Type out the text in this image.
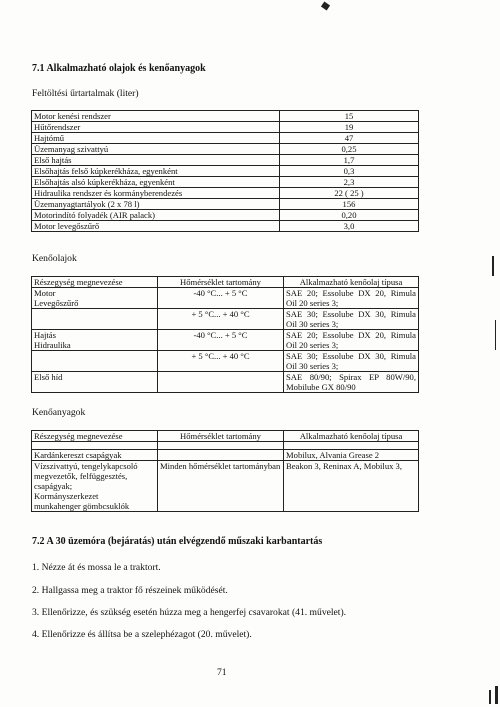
7.1 Alkalmazható olajok és kenőanyagok
Feltöltési űrtartalmak (liter)
Motor kenési rendszer	15
Hűtőrendszer	19
Hajtómű	47
Üzemanyag szivattyú	0,25
Első hajtás	1,7
Elsőhajtás felső kúpkerékháza, egyenként	0,3
Elsőhajtás alsó kúpkerékháza, egyenként	2,3
Hidraulika rendszer és kormányberendezés	22 ( 25 )
Üzemanyagtartályok (2 x 78 l)	156
Motorindító folyadék (AIR palack)	0,20
Motor levegőszűrő	3,0
Kenőolajok
Részegység megnevezése	Hőmérséklet tartomány	Alkalmazható kenőolaj típusa
Motor
Levegőszűrő	-40 °C... + 5 °C	SAE 20; Essolube DX 20, Rimula Oil 20 series 3;
	+ 5 °C... + 40 °C	SAE 30; Essolube DX 30, Rimula Oil 30 series 3;
Hajtás
Hidraulika	-40 °C... + 5 °C	SAE 20; Essolube DX 20, Rimula Oil 20 series 3;
	+ 5 °C... + 40 °C	SAE 30; Essolube DX 30, Rimula Oil 30 series 3;
Első híd		SAE 80/90; Spirax EP 80W/90, Mobilube GX 80/90
Kenőanyagok
Részegység megnevezése	Hőmérséklet tartomány	Alkalmazható kenőolaj típusa

Kardánkereszt csapágyak		Mobilux, Alvania Grease 2
Vízszivattyú, tengelykapcsoló megvezetők, felfüggesztés, csapágyak;
Kormányszerkezet
munkahenger gömbcsuklók	Minden hőmérséklet tartományban	Beakon 3, Reninax A, Mobilux 3,
7.2 A 30 üzemóra (bejáratás) után elvégzendő műszaki karbantartás
1. Nézze át és mossa le a traktort.
2. Hallgassa meg a traktor fő részeinek működését.
3. Ellenőrizze, és szükség esetén húzza meg a hengerfej csavarokat (41. művelet).
4. Ellenőrizze és állítsa be a szelephézagot (20. művelet).
71
